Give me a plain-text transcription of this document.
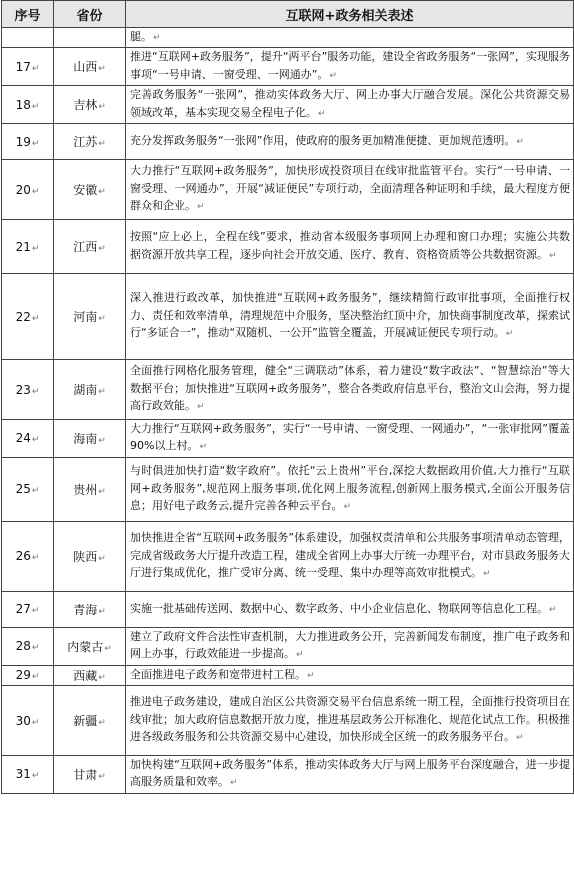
序号	省份	互联网+政务相关表述
		腿。↵
17↵	山西↵	推进“互联网+政务服务”，提升“两平台”服务功能，建设全省政务服务“一张网”，实现服务事项“一号申请、一窗受理、一网通办”。↵
18↵	吉林↵	完善政务服务“一张网”，推动实体政务大厅、网上办事大厅融合发展。深化公共资源交易领域改革，基本实现交易全程电子化。↵
19↵	江苏↵	充分发挥政务服务“一张网”作用，使政府的服务更加精准便捷、更加规范透明。↵
20↵	安徽↵	大力推行“互联网+政务服务”，加快形成投资项目在线审批监管平台。实行“一号申请、一窗受理、一网通办”，开展“减证便民”专项行动，全面清理各种证明和手续，最大程度方便群众和企业。↵
21↵	江西↵	按照“应上必上，全程在线”要求，推动省本级服务事项网上办理和窗口办理；实施公共数据资源开放共享工程，逐步向社会开放交通、医疗、教育、资格资质等公共数据资源。↵
22↵	河南↵	深入推进行政改革，加快推进“互联网+政务服务”，继续精简行政审批事项，全面推行权力、责任和效率清单，清理规范中介服务，坚决整治红顶中介，加快商事制度改革，探索试行“多证合一”，推动“双随机、一公开”监管全覆盖，开展减证便民专项行动。↵
23↵	湖南↵	全面推行网格化服务管理，健全“三调联动”体系，着力建设“数字政法”、“智慧综治”等大数据平台；加快推进“互联网+政务服务”，整合各类政府信息平台，整治文山会海，努力提高行政效能。↵
24↵	海南↵	大力推行“互联网+政务服务”，实行“一号申请、一窗受理、一网通办”，“一张审批网”覆盖 90%以上村。↵
25↵	贵州↵	与时俱进加快打造“数字政府”。依托“云上贵州”平台,深挖大数据政用价值,大力推行“互联网+政务服务”,规范网上服务事项,优化网上服务流程,创新网上服务模式,全面公开服务信息；用好电子政务云,提升完善各种云平台。↵
26↵	陕西↵	加快推进全省“互联网+政务服务”体系建设，加强权责清单和公共服务事项清单动态管理，完成省级政务大厅提升改造工程，建成全省网上办事大厅统一办理平台，对市县政务服务大厅进行集成优化，推广受审分离、统一受理、集中办理等高效审批模式。↵
27↵	青海↵	实施一批基础传送网、数据中心、数字政务、中小企业信息化、物联网等信息化工程。↵
28↵	内蒙古↵	建立了政府文件合法性审查机制，大力推进政务公开，完善新闻发布制度，推广电子政务和网上办事，行政效能进一步提高。↵
29↵	西藏↵	全面推进电子政务和宽带进村工程。↵
30↵	新疆↵	推进电子政务建设，建成自治区公共资源交易平台信息系统一期工程，全面推行投资项目在线审批；加大政府信息数据开放力度，推进基层政务公开标准化、规范化试点工作。积极推进各级政务服务和公共资源交易中心建设，加快形成全区统一的政务服务平台。↵
31↵	甘肃↵	加快构建“互联网+政务服务”体系，推动实体政务大厅与网上服务平台深度融合，进一步提高服务质量和效率。↵
